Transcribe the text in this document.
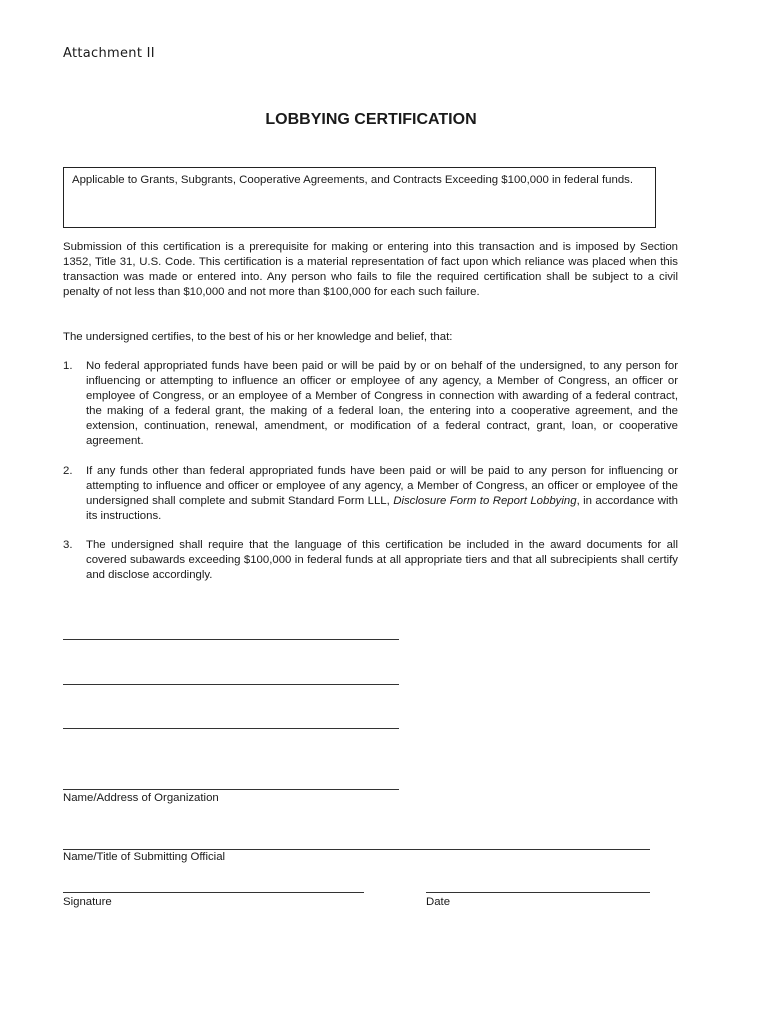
Attachment II
LOBBYING CERTIFICATION
Applicable to Grants, Subgrants, Cooperative Agreements, and Contracts Exceeding $100,000 in federal funds.
Submission of this certification is a prerequisite for making or entering into this transaction and is imposed by Section 1352, Title 31, U.S. Code. This certification is a material representation of fact upon which reliance was placed when this transaction was made or entered into. Any person who fails to file the required certification shall be subject to a civil penalty of not less than $10,000 and not more than $100,000 for each such failure.
The undersigned certifies, to the best of his or her knowledge and belief, that:
1. No federal appropriated funds have been paid or will be paid by or on behalf of the undersigned, to any person for influencing or attempting to influence an officer or employee of any agency, a Member of Congress, an officer or employee of Congress, or an employee of a Member of Congress in connection with awarding of a federal contract, the making of a federal grant, the making of a federal loan, the entering into a cooperative agreement, and the extension, continuation, renewal, amendment, or modification of a federal contract, grant, loan, or cooperative agreement.
2. If any funds other than federal appropriated funds have been paid or will be paid to any person for influencing or attempting to influence and officer or employee of any agency, a Member of Congress, an officer or employee of the undersigned shall complete and submit Standard Form LLL, Disclosure Form to Report Lobbying, in accordance with its instructions.
3. The undersigned shall require that the language of this certification be included in the award documents for all covered subawards exceeding $100,000 in federal funds at all appropriate tiers and that all subrecipients shall certify and disclose accordingly.
Name/Address of Organization
Name/Title of Submitting Official
Signature	Date
